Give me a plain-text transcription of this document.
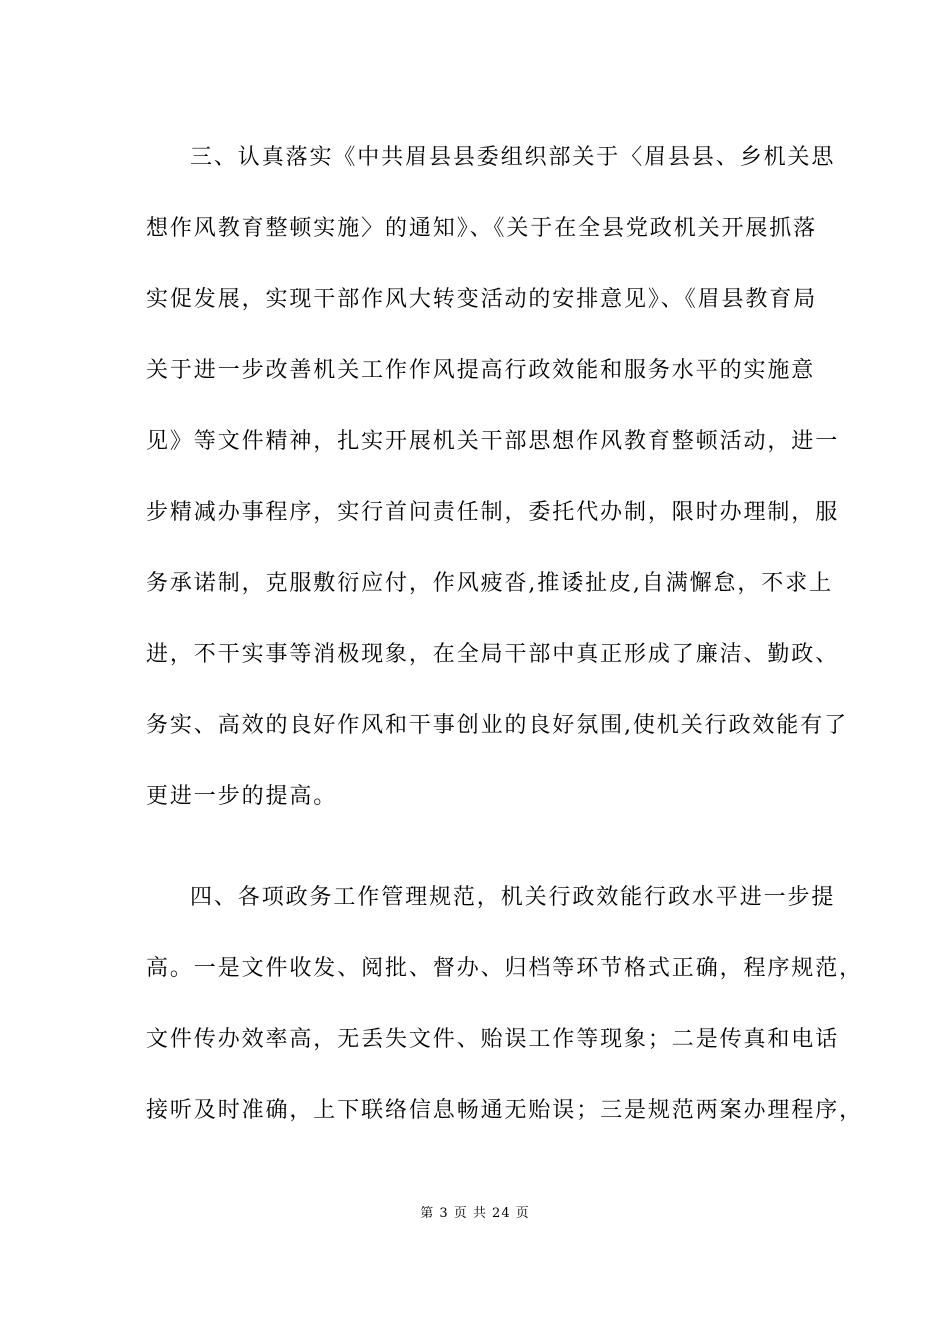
三、认真落实《中共眉县县委组织部关于〈眉县县、乡机关思
想作风教育整顿实施〉的通知》、《关于在全县党政机关开展抓落
实促发展，实现干部作风大转变活动的安排意见》、《眉县教育局
关于进一步改善机关工作作风提高行政效能和服务水平的实施意
见》等文件精神，扎实开展机关干部思想作风教育整顿活动，进一
步精减办事程序，实行首问责任制，委托代办制，限时办理制，服
务承诺制，克服敷衍应付，作风疲沓,推诿扯皮,自满懈怠，不求上
进，不干实事等消极现象，在全局干部中真正形成了廉洁、勤政、
务实、高效的良好作风和干事创业的良好氛围,使机关行政效能有了
更进一步的提高。
四、各项政务工作管理规范，机关行政效能行政水平进一步提
高。一是文件收发、阅批、督办、归档等环节格式正确，程序规范，
文件传办效率高，无丢失文件、贻误工作等现象；二是传真和电话
接听及时准确，上下联络信息畅通无贻误；三是规范两案办理程序，
第 3 页 共 24 页
